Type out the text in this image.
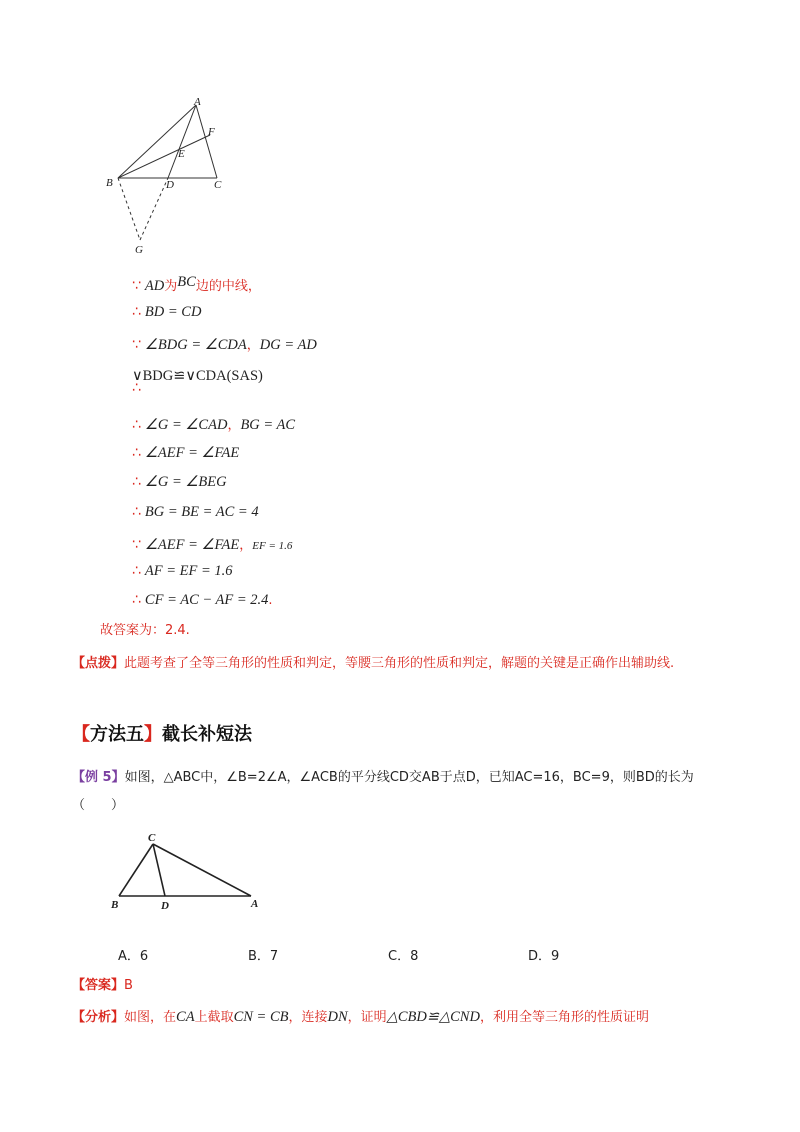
A
F
E
B	D	C
G
∵ AD为BC边的中线，
∴ BD = CD
∵ ∠BDG = ∠CDA，DG = AD
∨BDG≌∨CDA(SAS)
∴
∴ ∠G = ∠CAD，BG = AC
∴ ∠AEF = ∠FAE
∴ ∠G = ∠BEG
∴ BG = BE = AC = 4
∵ ∠AEF = ∠FAE，EF = 1.6
∴ AF = EF = 1.6
∴ CF = AC − AF = 2.4.
故答案为：2.4.
【点拨】此题考查了全等三角形的性质和判定，等腰三角形的性质和判定，解题的关键是正确作出辅助线.
【方法五】截长补短法
【例 5】如图，△ABC中，∠B=2∠A，∠ACB的平分线CD交AB于点D，已知AC=16，BC=9，则BD的长为（　　）
C
B	D	A
A．6	B．7	C．8	D．9
【答案】B
【分析】如图，在CA上截取CN = CB，连接DN，证明△CBD≌△CND，利用全等三角形的性质证明
